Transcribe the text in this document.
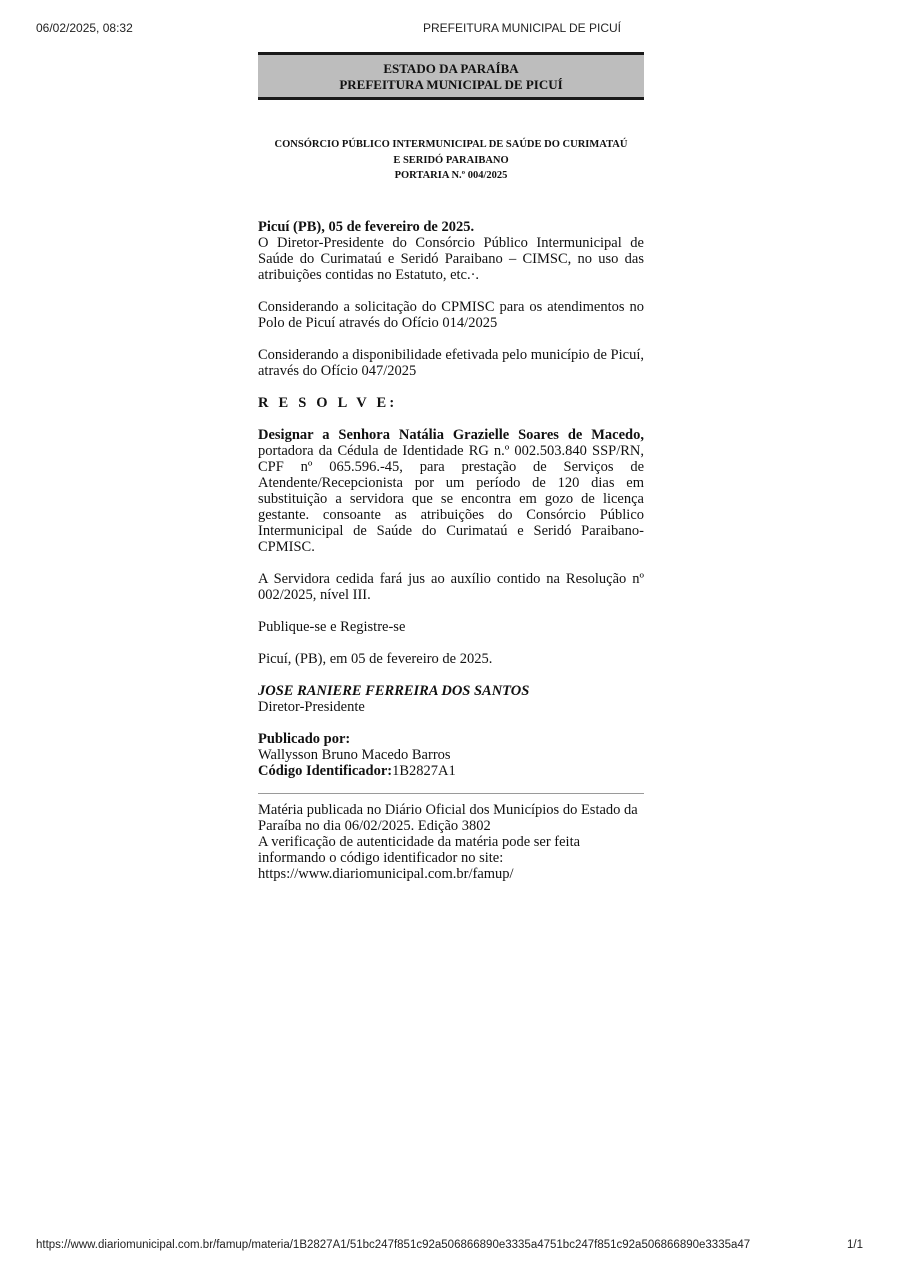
06/02/2025, 08:32	PREFEITURA MUNICIPAL DE PICUÍ
ESTADO DA PARAÍBA
PREFEITURA MUNICIPAL DE PICUÍ
CONSÓRCIO PÚBLICO INTERMUNICIPAL DE SAÚDE DO CURIMATAÚ
E SERIDÓ PARAIBANO
PORTARIA N.º 004/2025

Picuí (PB), 05 de fevereiro de 2025.

O Diretor-Presidente do Consórcio Público Intermunicipal de Saúde do Curimataú e Seridó Paraibano – CIMSC, no uso das atribuições contidas no Estatuto, etc.·.

Considerando a solicitação do CPMISC para os atendimentos no Polo de Picuí através do Ofício 014/2025

Considerando a disponibilidade efetivada pelo município de Picuí, através do Ofício 047/2025

R E S O L V E:

Designar a Senhora Natália Grazielle Soares de Macedo, portadora da Cédula de Identidade RG n.º 002.503.840 SSP/RN, CPF nº 065.596.-45, para prestação de Serviços de Atendente/Recepcionista por um período de 120 dias em substituição a servidora que se encontra em gozo de licença gestante. consoante as atribuições do Consórcio Público Intermunicipal de Saúde do Curimataú e Seridó Paraibano-CPMISC.

A Servidora cedida fará jus ao auxílio contido na Resolução nº 002/2025, nível III.

Publique-se e Registre-se

Picuí, (PB), em 05 de fevereiro de 2025.

JOSE RANIERE FERREIRA DOS SANTOS

Diretor-Presidente

Publicado por:

Wallysson Bruno Macedo Barros

Código Identificador:1B2827A1

Matéria publicada no Diário Oficial dos Municípios do Estado da Paraíba no dia 06/02/2025. Edição 3802

A verificação de autenticidade da matéria pode ser feita informando o código identificador no site:

https://www.diariomunicipal.com.br/famup/

https://www.diariomunicipal.com.br/famup/materia/1B2827A1/51bc247f851c92a506866890e3335a4751bc247f851c92a506866890e3335a47	1/1
